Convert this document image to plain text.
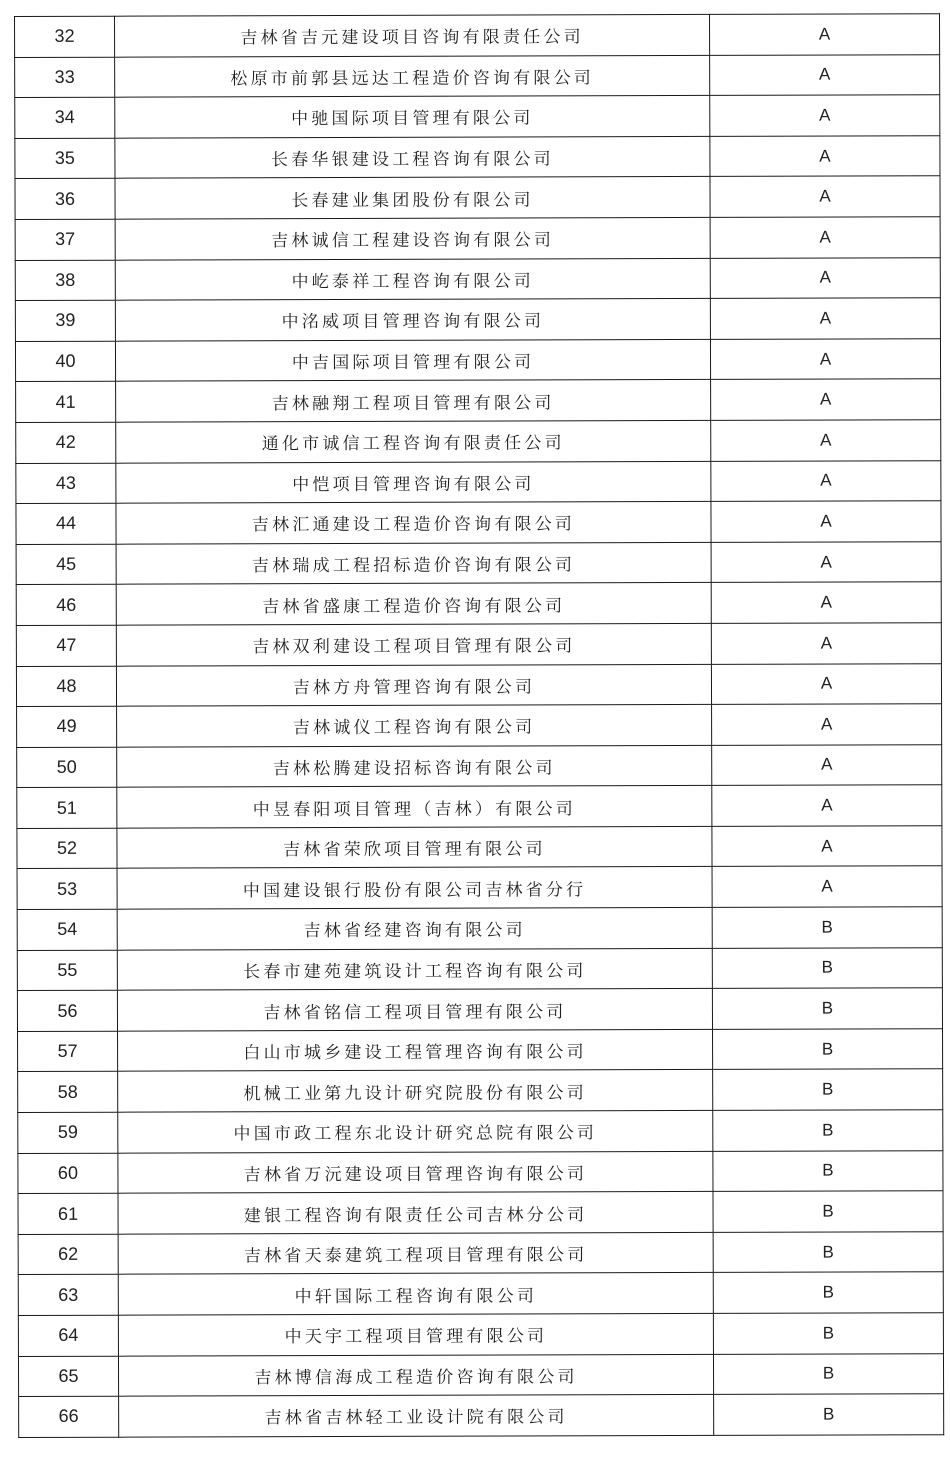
32	吉林省吉元建设项目咨询有限责任公司	A
33	松原市前郭县远达工程造价咨询有限公司	A
34	中驰国际项目管理有限公司	A
35	长春华银建设工程咨询有限公司	A
36	长春建业集团股份有限公司	A
37	吉林诚信工程建设咨询有限公司	A
38	中屹泰祥工程咨询有限公司	A
39	中洺威项目管理咨询有限公司	A
40	中吉国际项目管理有限公司	A
41	吉林融翔工程项目管理有限公司	A
42	通化市诚信工程咨询有限责任公司	A
43	中恺项目管理咨询有限公司	A
44	吉林汇通建设工程造价咨询有限公司	A
45	吉林瑞成工程招标造价咨询有限公司	A
46	吉林省盛康工程造价咨询有限公司	A
47	吉林双利建设工程项目管理有限公司	A
48	吉林方舟管理咨询有限公司	A
49	吉林诚仪工程咨询有限公司	A
50	吉林松腾建设招标咨询有限公司	A
51	中昱春阳项目管理（吉林）有限公司	A
52	吉林省荣欣项目管理有限公司	A
53	中国建设银行股份有限公司吉林省分行	A
54	吉林省经建咨询有限公司	B
55	长春市建苑建筑设计工程咨询有限公司	B
56	吉林省铭信工程项目管理有限公司	B
57	白山市城乡建设工程管理咨询有限公司	B
58	机械工业第九设计研究院股份有限公司	B
59	中国市政工程东北设计研究总院有限公司	B
60	吉林省万沅建设项目管理咨询有限公司	B
61	建银工程咨询有限责任公司吉林分公司	B
62	吉林省天泰建筑工程项目管理有限公司	B
63	中轩国际工程咨询有限公司	B
64	中天宇工程项目管理有限公司	B
65	吉林博信海成工程造价咨询有限公司	B
66	吉林省吉林轻工业设计院有限公司	B
